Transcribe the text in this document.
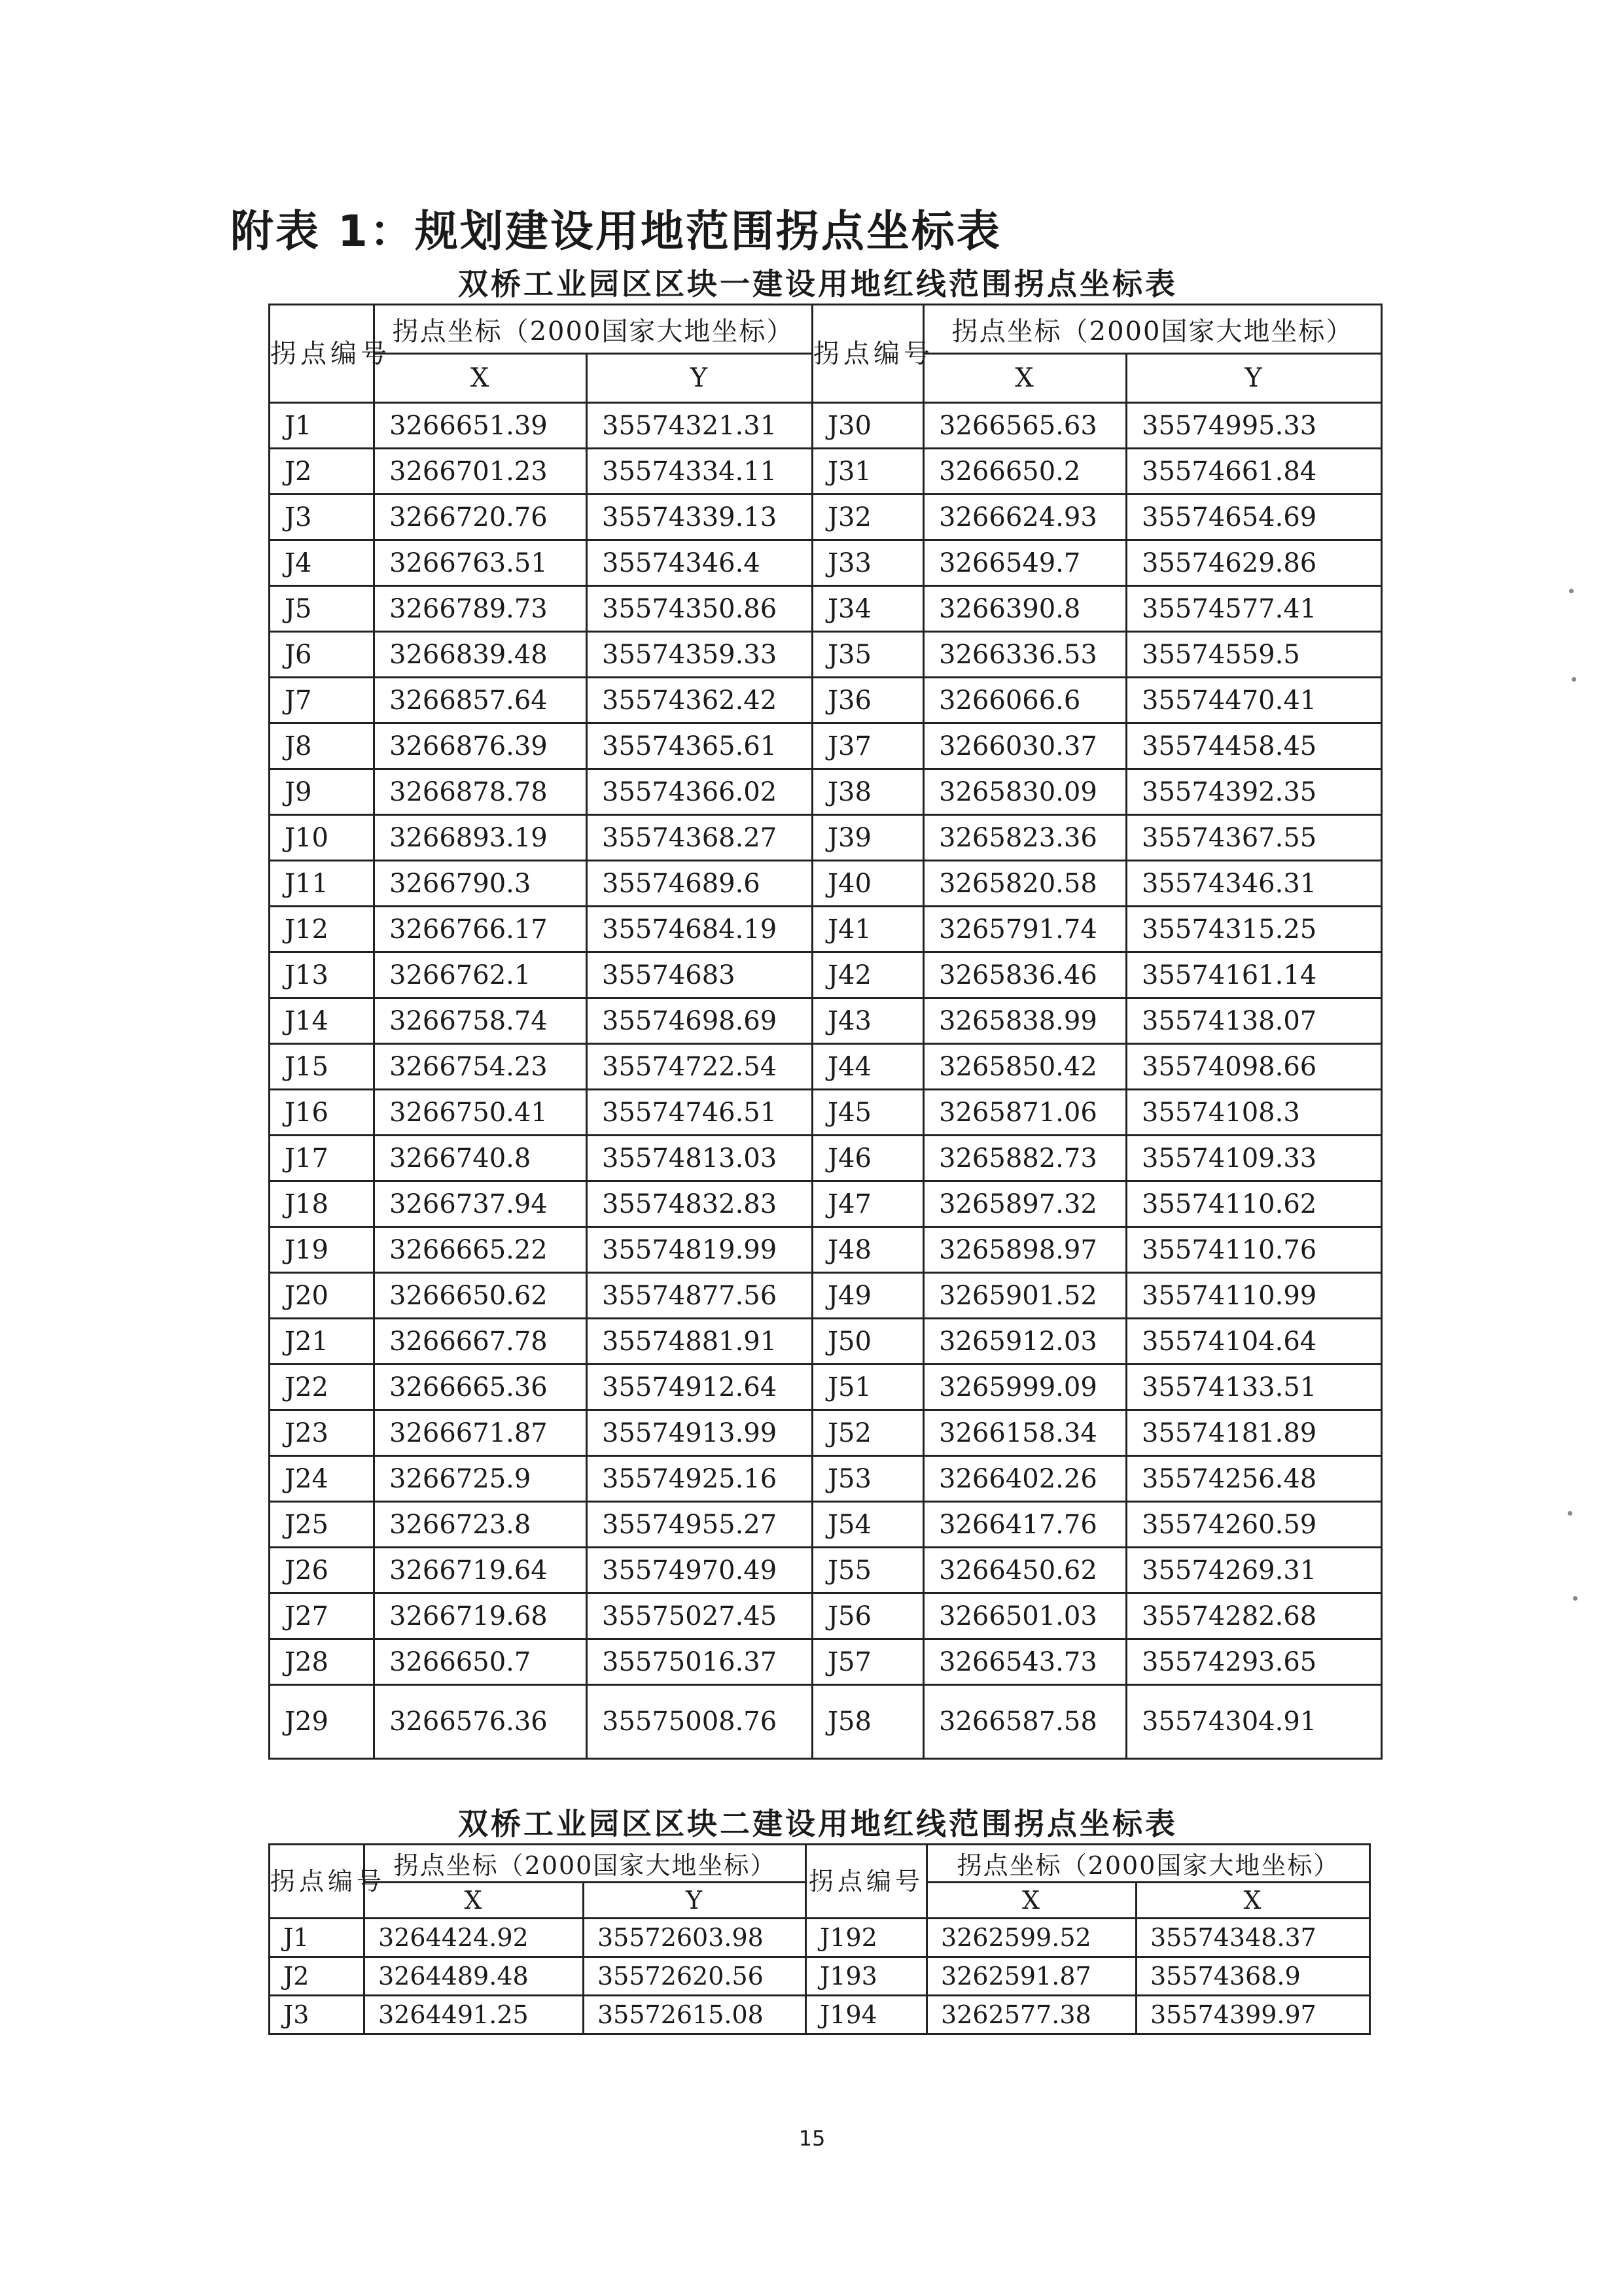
附表 1：规划建设用地范围拐点坐标表
双桥工业园区区块一建设用地红线范围拐点坐标表
拐点编号	拐点坐标（2000国家大地坐标）		拐点编号	拐点坐标（2000国家大地坐标）	
	X	Y		X	Y
J1	3266651.39	35574321.31	J30	3266565.63	35574995.33
J2	3266701.23	35574334.11	J31	3266650.2	35574661.84
J3	3266720.76	35574339.13	J32	3266624.93	35574654.69
J4	3266763.51	35574346.4	J33	3266549.7	35574629.86
J5	3266789.73	35574350.86	J34	3266390.8	35574577.41
J6	3266839.48	35574359.33	J35	3266336.53	35574559.5
J7	3266857.64	35574362.42	J36	3266066.6	35574470.41
J8	3266876.39	35574365.61	J37	3266030.37	35574458.45
J9	3266878.78	35574366.02	J38	3265830.09	35574392.35
J10	3266893.19	35574368.27	J39	3265823.36	35574367.55
J11	3266790.3	35574689.6	J40	3265820.58	35574346.31
J12	3266766.17	35574684.19	J41	3265791.74	35574315.25
J13	3266762.1	35574683	J42	3265836.46	35574161.14
J14	3266758.74	35574698.69	J43	3265838.99	35574138.07
J15	3266754.23	35574722.54	J44	3265850.42	35574098.66
J16	3266750.41	35574746.51	J45	3265871.06	35574108.3
J17	3266740.8	35574813.03	J46	3265882.73	35574109.33
J18	3266737.94	35574832.83	J47	3265897.32	35574110.62
J19	3266665.22	35574819.99	J48	3265898.97	35574110.76
J20	3266650.62	35574877.56	J49	3265901.52	35574110.99
J21	3266667.78	35574881.91	J50	3265912.03	35574104.64
J22	3266665.36	35574912.64	J51	3265999.09	35574133.51
J23	3266671.87	35574913.99	J52	3266158.34	35574181.89
J24	3266725.9	35574925.16	J53	3266402.26	35574256.48
J25	3266723.8	35574955.27	J54	3266417.76	35574260.59
J26	3266719.64	35574970.49	J55	3266450.62	35574269.31
J27	3266719.68	35575027.45	J56	3266501.03	35574282.68
J28	3266650.7	35575016.37	J57	3266543.73	35574293.65
J29	3266576.36	35575008.76	J58	3266587.58	35574304.91
双桥工业园区区块二建设用地红线范围拐点坐标表
拐点编号	拐点坐标（2000国家大地坐标）		拐点编号	拐点坐标（2000国家大地坐标）	
	X	Y		X	X
J1	3264424.92	35572603.98	J192	3262599.52	35574348.37
J2	3264489.48	35572620.56	J193	3262591.87	35574368.9
J3	3264491.25	35572615.08	J194	3262577.38	35574399.97
15
